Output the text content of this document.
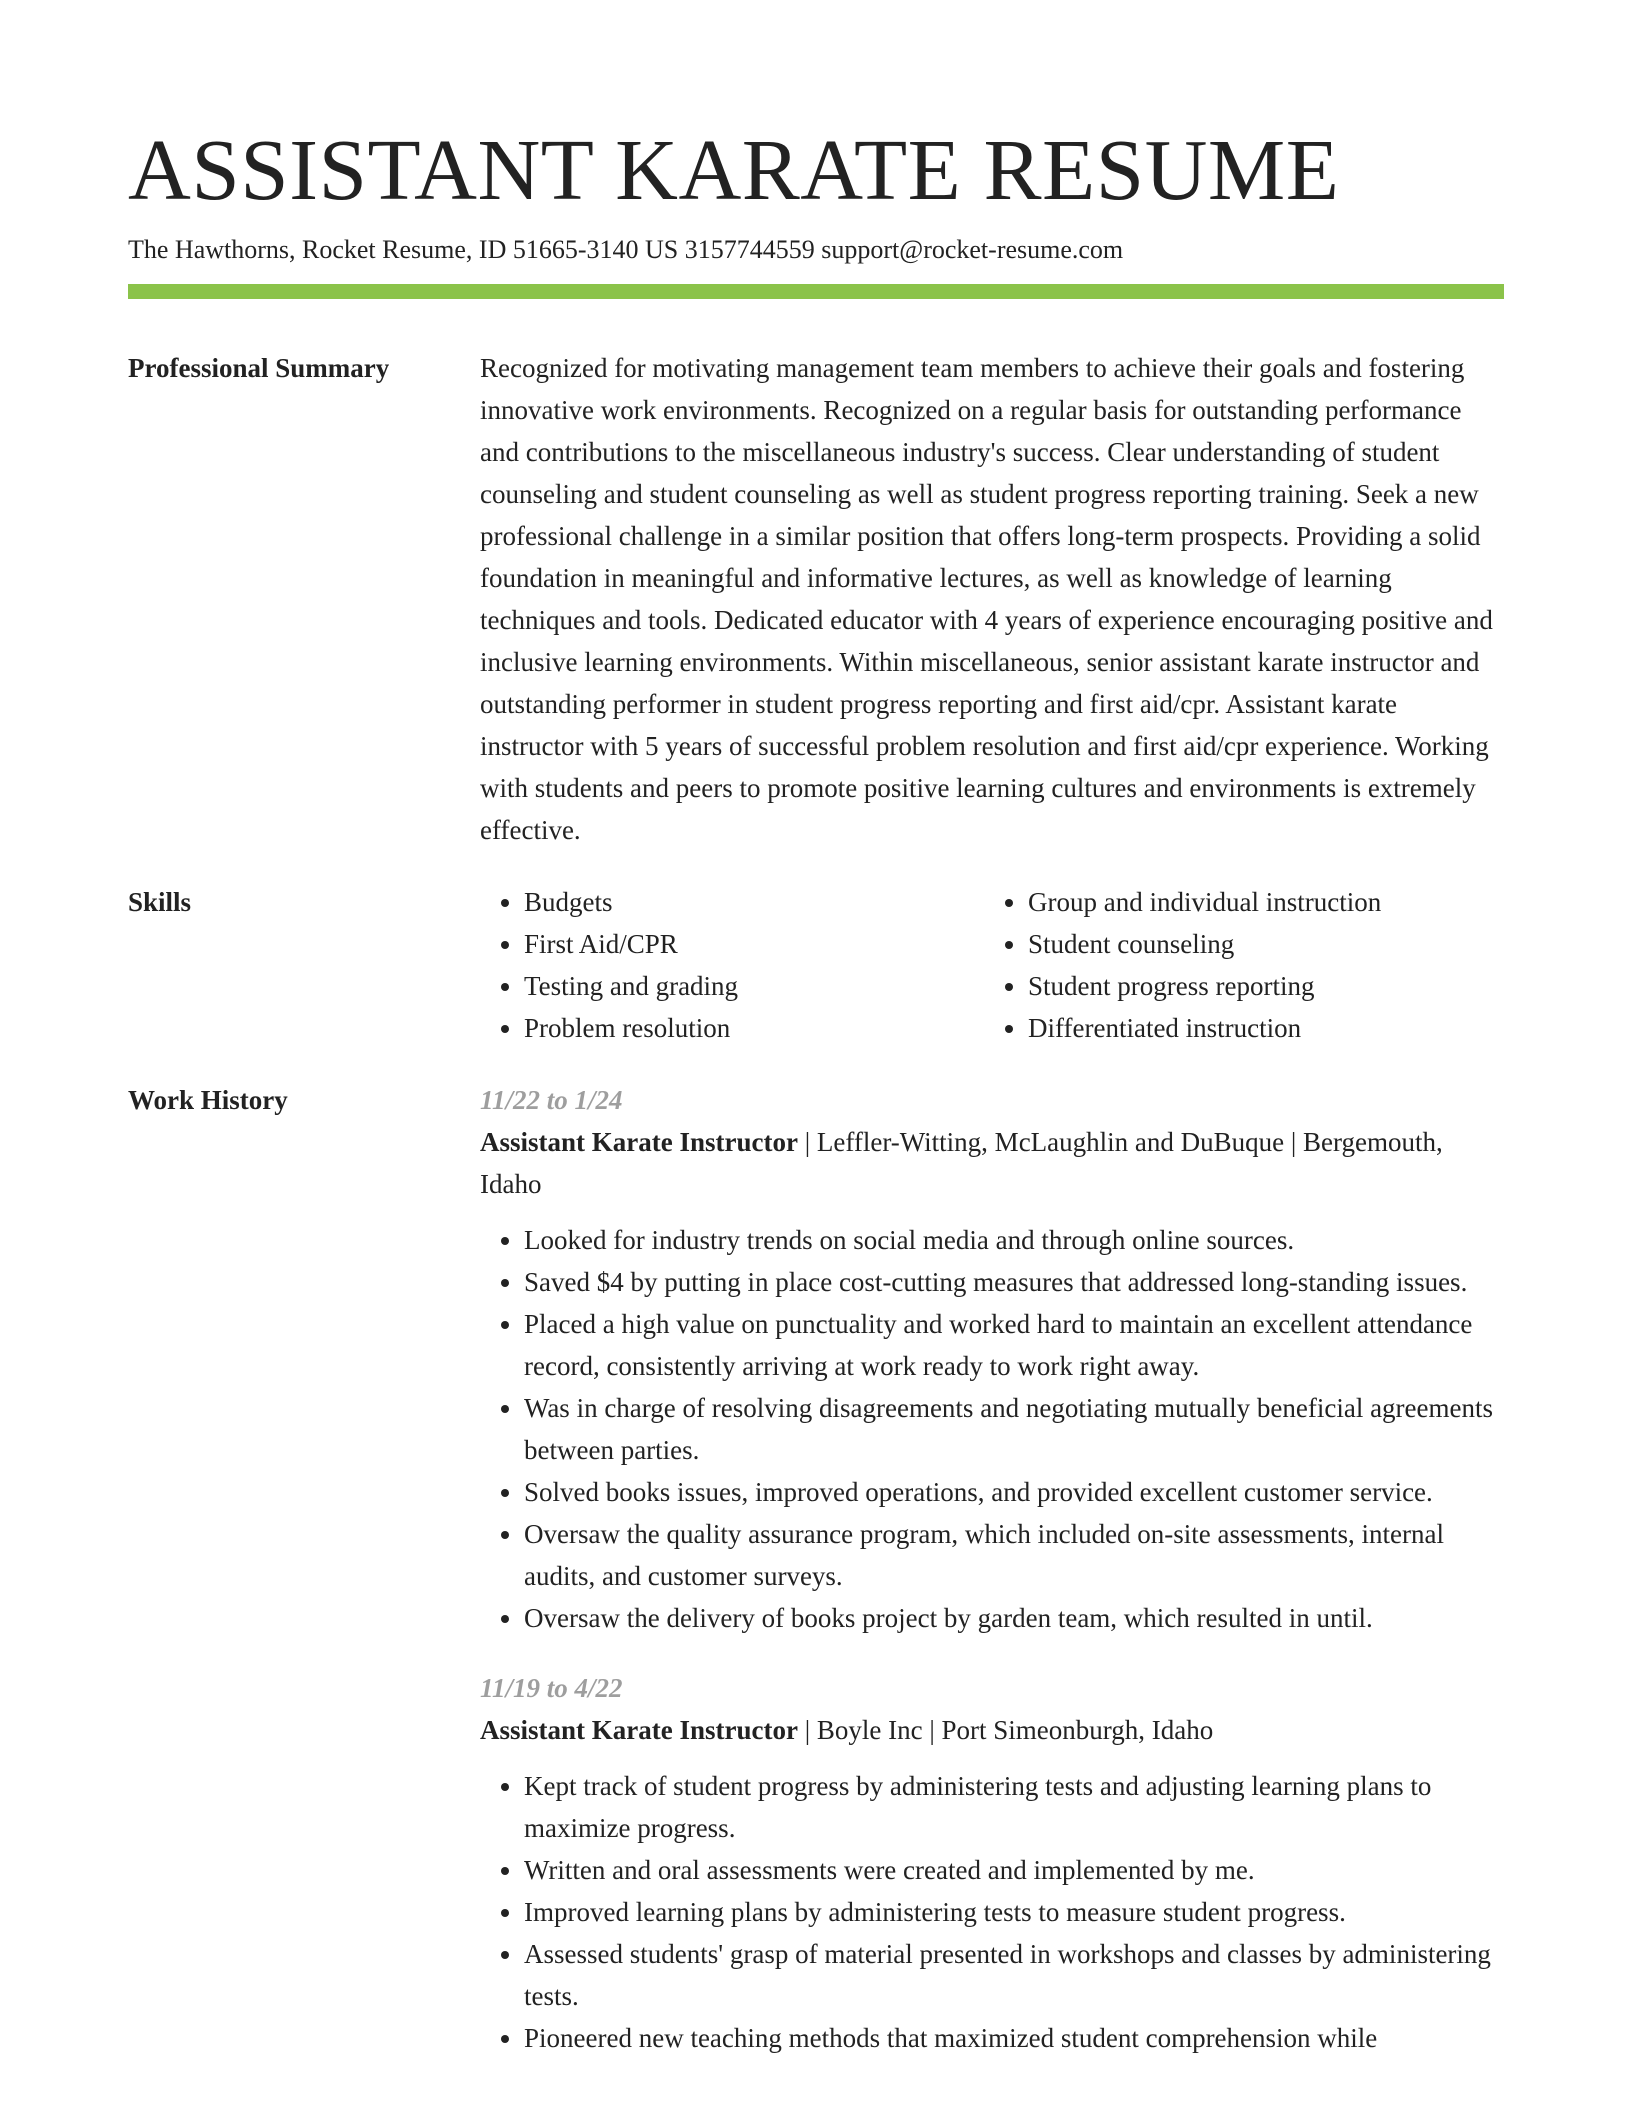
ASSISTANT KARATE RESUME
The Hawthorns, Rocket Resume, ID 51665-3140 US 3157744559 support@rocket-resume.com
Professional Summary	Recognized for motivating management team members to achieve their goals and fostering innovative work environments. Recognized on a regular basis for outstanding performance and contributions to the miscellaneous industry's success. Clear understanding of student counseling and student counseling as well as student progress reporting training. Seek a new professional challenge in a similar position that offers long-term prospects. Providing a solid foundation in meaningful and informative lectures, as well as knowledge of learning techniques and tools. Dedicated educator with 4 years of experience encouraging positive and inclusive learning environments. Within miscellaneous, senior assistant karate instructor and outstanding performer in student progress reporting and first aid/cpr. Assistant karate instructor with 5 years of successful problem resolution and first aid/cpr experience. Working with students and peers to promote positive learning cultures and environments is extremely effective.

Skills
•	Budgets
• First Aid/CPR
• Testing and grading
• Problem resolution
• Group and individual instruction
• Student counseling
• Student progress reporting
• Differentiated instruction
Work History	11/22 to 1/24
Assistant Karate Instructor | Leffler-Witting, McLaughlin and DuBuque | Bergemouth, Idaho
• Looked for industry trends on social media and through online sources.
• Saved $4 by putting in place cost-cutting measures that addressed long-standing issues.
• Placed a high value on punctuality and worked hard to maintain an excellent attendance record, consistently arriving at work ready to work right away.
• Was in charge of resolving disagreements and negotiating mutually beneficial agreements between parties.
• Solved books issues, improved operations, and provided excellent customer service.
• Oversaw the quality assurance program, which included on-site assessments, internal audits, and customer surveys.
• Oversaw the delivery of books project by garden team, which resulted in until.
11/19 to 4/22
Assistant Karate Instructor | Boyle Inc | Port Simeonburgh, Idaho
• Kept track of student progress by administering tests and adjusting learning plans to maximize progress.
• Written and oral assessments were created and implemented by me.
• Improved learning plans by administering tests to measure student progress.
• Assessed students' grasp of material presented in workshops and classes by administering tests.
• Pioneered new teaching methods that maximized student comprehension while
